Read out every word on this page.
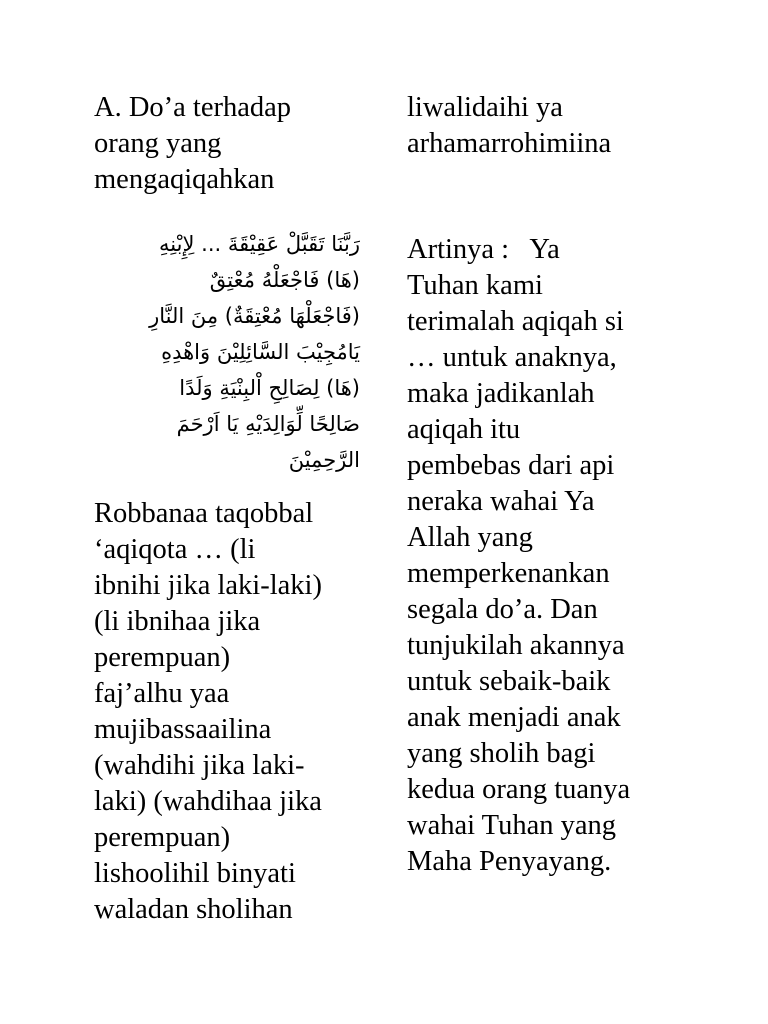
A. Do’a terhadap
orang yang
mengaqiqahkan
رَبَّنَا تَقَبَّلْ عَقِيْقَةَ ... لِإِبْنِهِ
(هَا) فَاجْعَلْهُ مُعْتِقٌ
(فَاجْعَلْهَا مُعْتِقَةٌ) مِنَ النَّارِ
يَامُجِيْبَ السَّائِلِيْنَ وَاهْدِهِ
(هَا) لِصَالِحِ اْلبِنْيَةِ وَلَدًا
صَالِحًا لِّوَالِدَيْهِ يَا اَرْحَمَ
الرَّحِمِيْنَ
Robbanaa taqobbal
‘aqiqota … (li
ibnihi jika laki-laki)
(li ibnihaa jika
perempuan)
faj’alhu yaa
mujibassaailina
(wahdihi jika laki-
laki) (wahdihaa jika
perempuan)
lishoolihil binyati
waladan sholihan
liwalidaihi ya
arhamarrohimiina
Artinya :   Ya
Tuhan kami
terimalah aqiqah si
… untuk anaknya,
maka jadikanlah
aqiqah itu
pembebas dari api
neraka wahai Ya
Allah yang
memperkenankan
segala do’a. Dan
tunjukilah akannya
untuk sebaik-baik
anak menjadi anak
yang sholih bagi
kedua orang tuanya
wahai Tuhan yang
Maha Penyayang.
